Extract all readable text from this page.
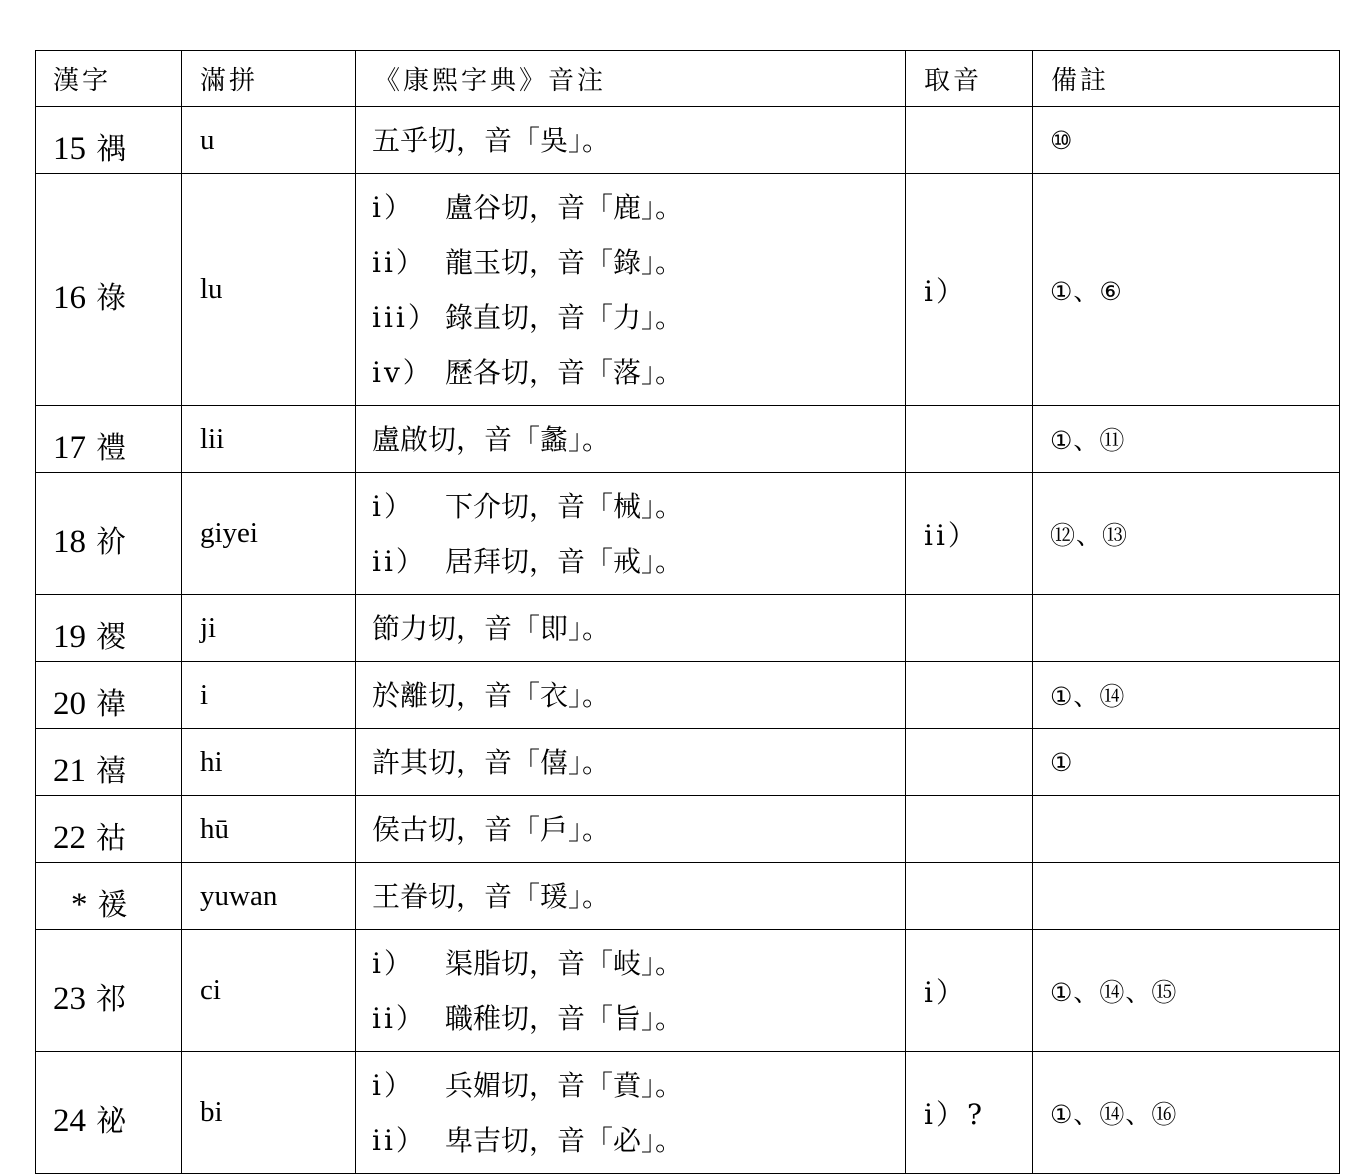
漢字	滿拼	《康熙字典》音注	取音	備註
15 禑	u	五乎切，音「吳」。		⑩
16 祿	lu	i） 盧谷切，音「鹿」。
ii） 龍玉切，音「錄」。
iii） 錄直切，音「力」。
iv） 歷各切，音「落」。	i）	①、⑥
17 禮	lii	盧啟切，音「蠡」。		①、⑪
18 祄	giyei	i） 下介切，音「械」。
ii） 居拜切，音「戒」。	ii）	⑫、⑬
19 禝	ji	節力切，音「即」。		

20 禕	i	於離切，音「衣」。		①、⑭
21 禧	hi	許其切，音「僖」。		①
22 祜	hū	侯古切，音「戶」。		

* 禐	yuwan	王眷切，音「瑗」。		

23 祁	ci	i） 渠脂切，音「岐」。
ii） 職稚切，音「旨」。	i）	①、⑭、⑮
24 祕	bi	i） 兵媚切，音「賁」。
ii） 卑吉切，音「必」。	i）?	①、⑭、⑯
